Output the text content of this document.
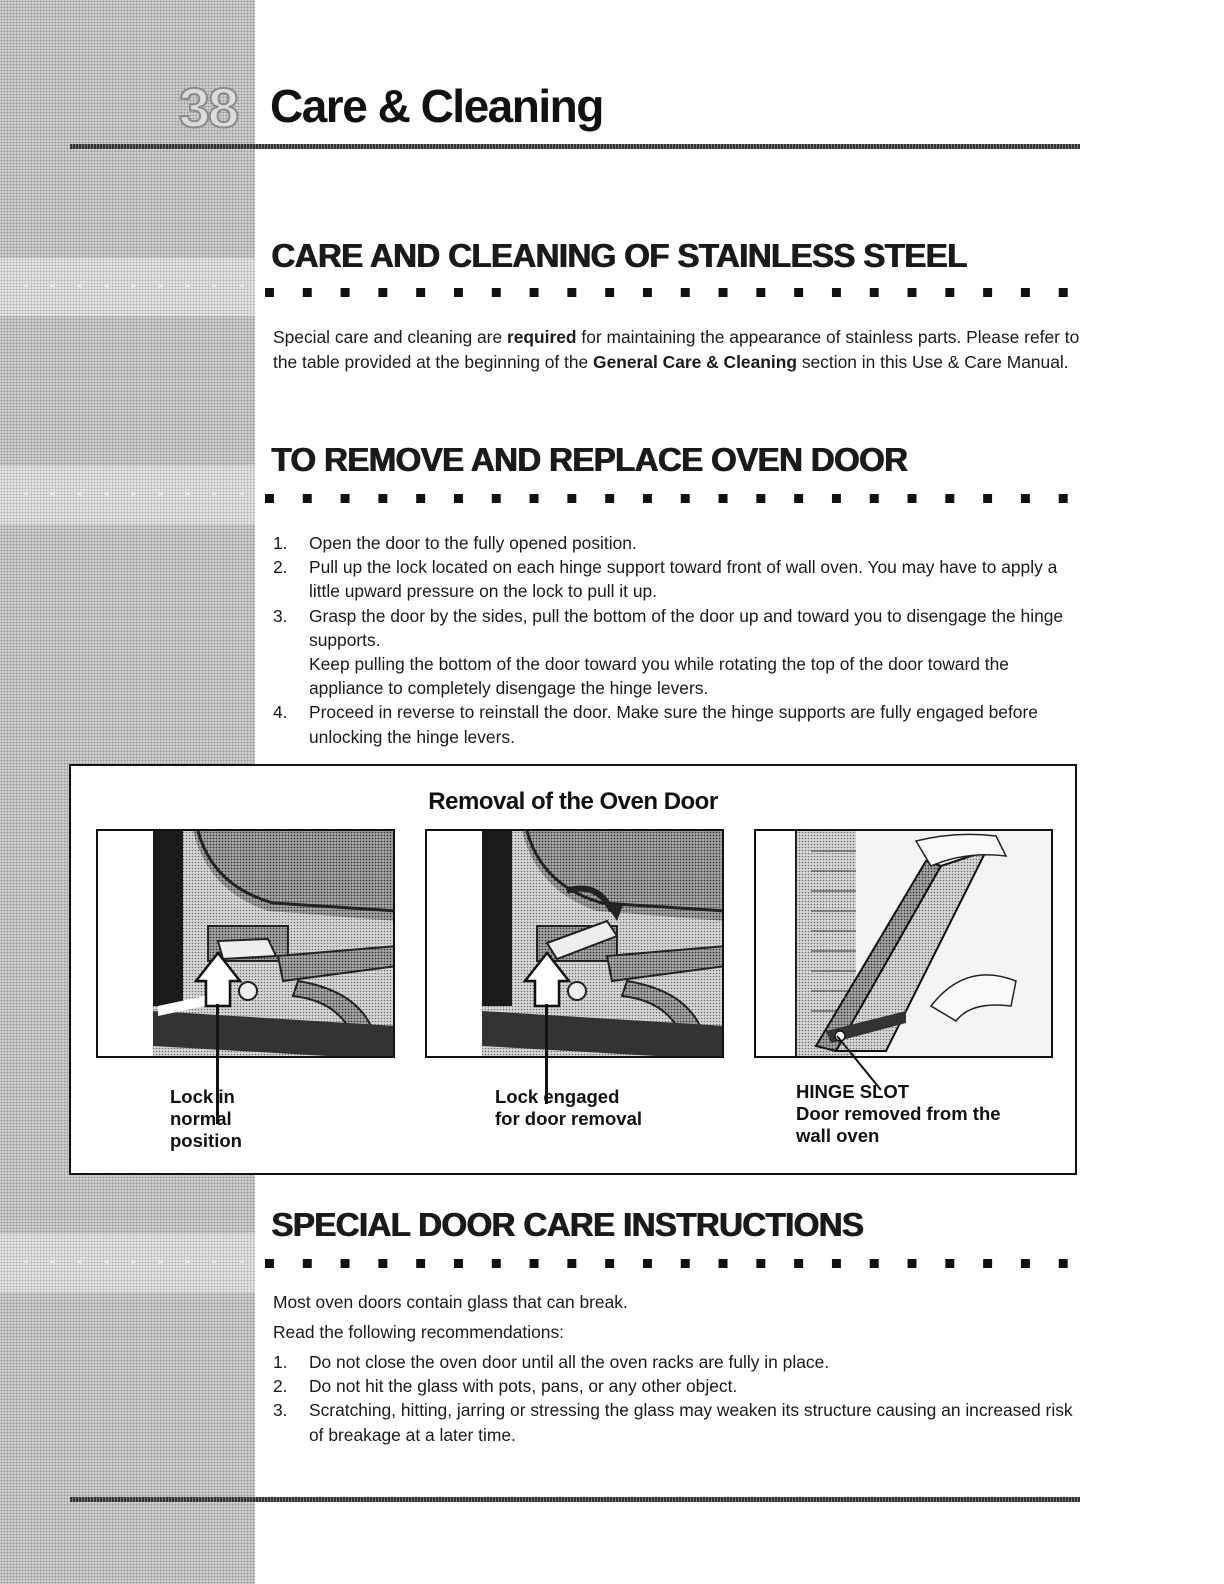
38 Care & Cleaning
CARE AND CLEANING OF STAINLESS STEEL
Special care and cleaning are required for maintaining the appearance of stainless parts. Please refer to the table provided at the beginning of the General Care & Cleaning section in this Use & Care Manual.
TO REMOVE AND REPLACE OVEN DOOR
1. Open the door to the fully opened position.
2. Pull up the lock located on each hinge support toward front of wall oven. You may have to apply a little upward pressure on the lock to pull it up.
3. Grasp the door by the sides, pull the bottom of the door up and toward you to disengage the hinge supports.
Keep pulling the bottom of the door toward you while rotating the top of the door toward the appliance to completely disengage the hinge levers.
4. Proceed in reverse to reinstall the door. Make sure the hinge supports are fully engaged before unlocking the hinge levers.
Removal of the Oven Door
Lock in
normal
position
Lock engaged
for door removal
HINGE SLOT
Door removed from the
wall oven
SPECIAL DOOR CARE INSTRUCTIONS
Most oven doors contain glass that can break.
Read the following recommendations:
1. Do not close the oven door until all the oven racks are fully in place.
2. Do not hit the glass with pots, pans, or any other object.
3. Scratching, hitting, jarring or stressing the glass may weaken its structure causing an increased risk of breakage at a later time.
